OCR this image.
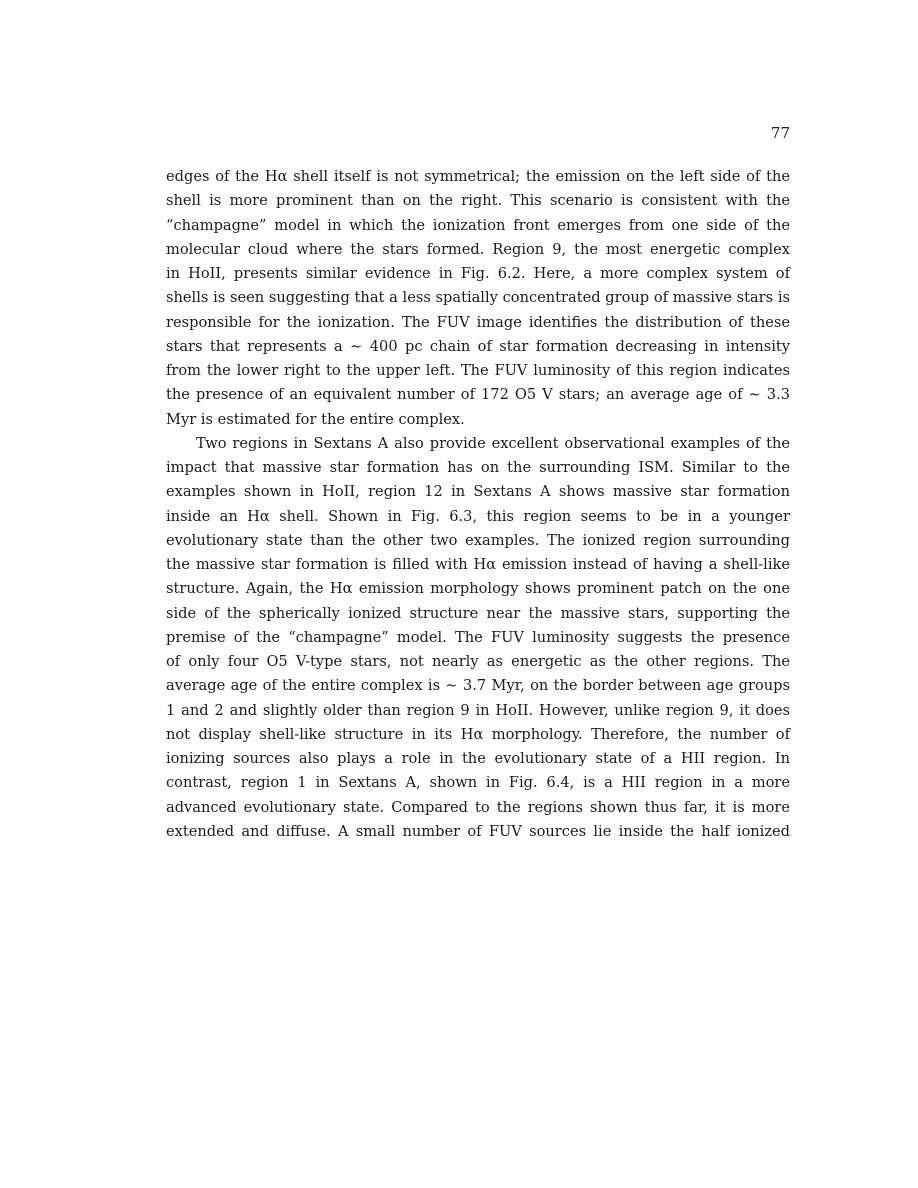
77

edges of the Hα shell itself is not symmetrical; the emission on the left side of the
shell is more prominent than on the right. This scenario is consistent with the
“champagne” model in which the ionization front emerges from one side of the
molecular cloud where the stars formed. Region 9, the most energetic complex
in HoII, presents similar evidence in Fig. 6.2. Here, a more complex system of
shells is seen suggesting that a less spatially concentrated group of massive stars is
responsible for the ionization. The FUV image identifies the distribution of these
stars that represents a ∼ 400 pc chain of star formation decreasing in intensity
from the lower right to the upper left. The FUV luminosity of this region indicates
the presence of an equivalent number of 172 O5 V stars; an average age of ∼ 3.3
Myr is estimated for the entire complex.

Two regions in Sextans A also provide excellent observational examples of the
impact that massive star formation has on the surrounding ISM. Similar to the
examples shown in HoII, region 12 in Sextans A shows massive star formation
inside an Hα shell. Shown in Fig. 6.3, this region seems to be in a younger
evolutionary state than the other two examples. The ionized region surrounding
the massive star formation is filled with Hα emission instead of having a shell-like
structure. Again, the Hα emission morphology shows prominent patch on the one
side of the spherically ionized structure near the massive stars, supporting the
premise of the “champagne” model. The FUV luminosity suggests the presence
of only four O5 V-type stars, not nearly as energetic as the other regions. The
average age of the entire complex is ∼ 3.7 Myr, on the border between age groups
1 and 2 and slightly older than region 9 in HoII. However, unlike region 9, it does
not display shell-like structure in its Hα morphology. Therefore, the number of
ionizing sources also plays a role in the evolutionary state of a HII region. In
contrast, region 1 in Sextans A, shown in Fig. 6.4, is a HII region in a more
advanced evolutionary state. Compared to the regions shown thus far, it is more
extended and diffuse. A small number of FUV sources lie inside the half ionized
